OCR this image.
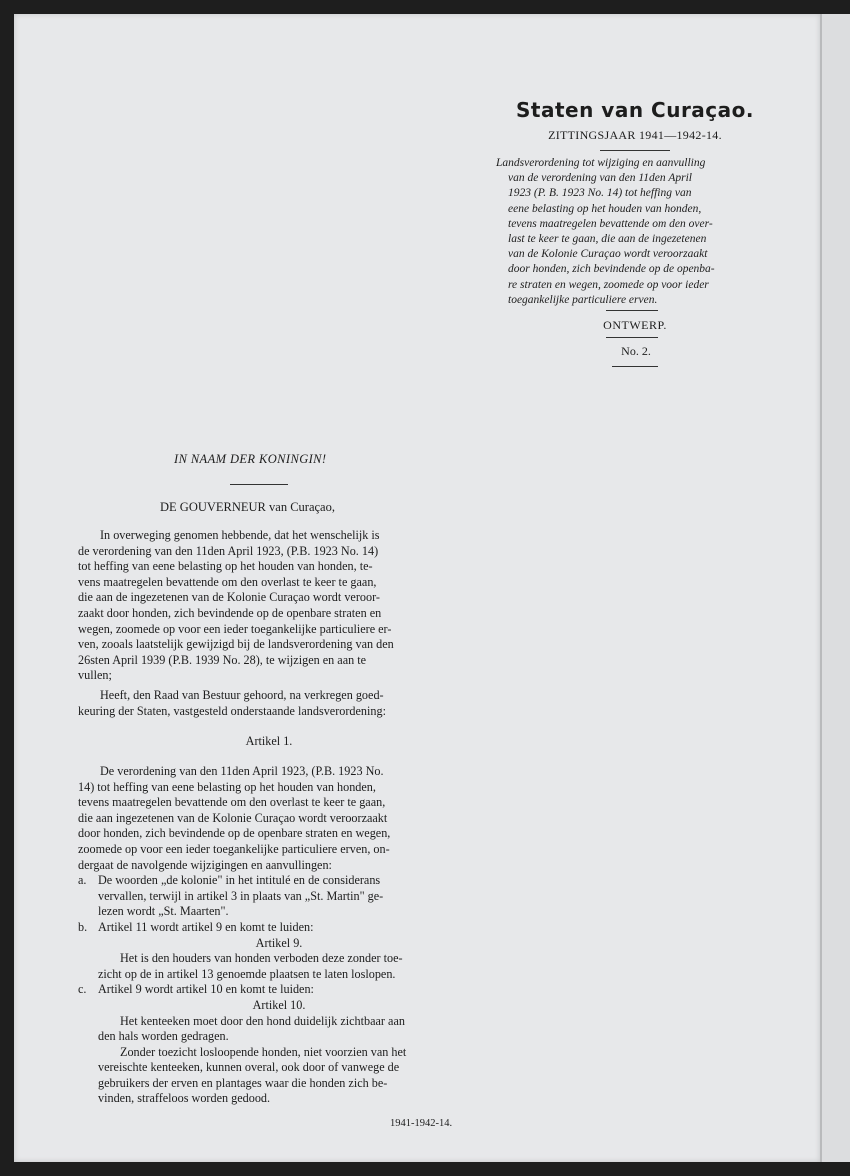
Staten van Curaçao.
ZITTINGSJAAR 1941—1942-14.
Landsverordening tot wijziging en aanvulling
van de verordening van den 11den April
1923 (P. B. 1923 No. 14) tot heffing van
eene belasting op het houden van honden,
tevens maatregelen bevattende om den over-
last te keer te gaan, die aan de ingezetenen
van de Kolonie Curaçao wordt veroorzaakt
door honden, zich bevindende op de openba-
re straten en wegen, zoomede op voor ieder
toegankelijke particuliere erven.
ONTWERP.
No. 2.
IN NAAM DER KONINGIN!
DE GOUVERNEUR van Curaçao,
In overweging genomen hebbende, dat het wenschelijk is
de verordening van den 11den April 1923, (P.B. 1923 No. 14)
tot heffing van eene belasting op het houden van honden, te-
vens maatregelen bevattende om den overlast te keer te gaan,
die aan de ingezetenen van de Kolonie Curaçao wordt veroor-
zaakt door honden, zich bevindende op de openbare straten en
wegen, zoomede op voor een ieder toegankelijke particuliere er-
ven, zooals laatstelijk gewijzigd bij de landsverordening van den
26sten April 1939 (P.B. 1939 No. 28), te wijzigen en aan te
vullen;
Heeft, den Raad van Bestuur gehoord, na verkregen goed-
keuring der Staten, vastgesteld onderstaande landsverordening:
Artikel 1.
De verordening van den 11den April 1923, (P.B. 1923 No.
14) tot heffing van eene belasting op het houden van honden,
tevens maatregelen bevattende om den overlast te keer te gaan,
die aan ingezetenen van de Kolonie Curaçao wordt veroorzaakt
door honden, zich bevindende op de openbare straten en wegen,
zoomede op voor een ieder toegankelijke particuliere erven, on-
dergaat de navolgende wijzigingen en aanvullingen:
a. De woorden „de kolonie" in het intitulé en de considerans
vervallen, terwijl in artikel 3 in plaats van „St. Martin" ge-
lezen wordt „St. Maarten".
b. Artikel 11 wordt artikel 9 en komt te luiden:
Artikel 9.
Het is den houders van honden verboden deze zonder toe-
zicht op de in artikel 13 genoemde plaatsen te laten loslopen.
c. Artikel 9 wordt artikel 10 en komt te luiden:
Artikel 10.
Het kenteeken moet door den hond duidelijk zichtbaar aan
den hals worden gedragen.
Zonder toezicht losloopende honden, niet voorzien van het
vereischte kenteeken, kunnen overal, ook door of vanwege de
gebruikers der erven en plantages waar die honden zich be-
vinden, straffeloos worden gedood.
1941-1942-14.
